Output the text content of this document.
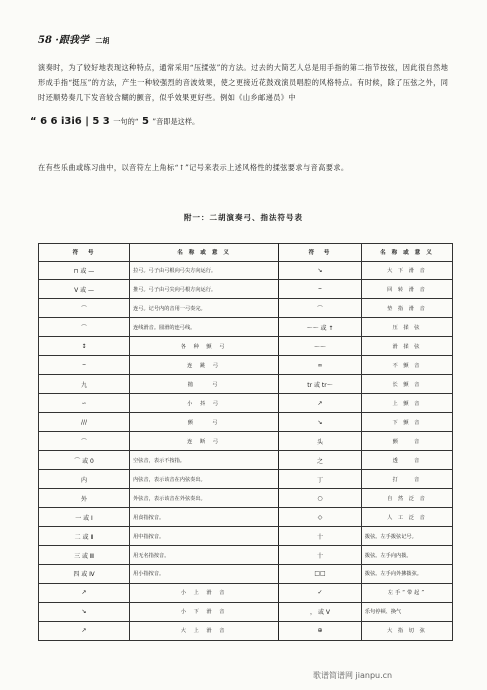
58 ·跟我学 二胡
演奏时，为了较好地表现这种特点，通常采用“压揉弦”的方法。过去的大简艺人总是用手指的第二指节按弦，因此很自然地形成手指“挺压”的方法，产生一种较强烈的音波效果，使之更接近花鼓戏演员唱腔的风格特点。有时候，除了压弦之外，同时还顺势奏几下发音较含糊的颤音，似乎效果更好些。例如《山乡邮递员》中
“ 6 6 i3i6 | 5 3 一句的“ 5 ”音即是这样。
在有些乐曲或练习曲中，以音符左上角标“↑”记号来表示上述风格性的揉弦要求与音高要求。
附一：二胡演奏弓、指法符号表
符　号	名 称 或 意 义	符　号	名 称 或 意 义
⊓ 或 —	拉弓。弓子由弓根向弓尖方向运行。	↘	大 下 滑 音
V 或 —	推弓。弓子由弓尖向弓根方向运行。	⌣	回 转 滑 音
⌒	连弓。记号内的音用一弓奏完。	⌒	垫 指 滑 音
⌒	连线滑音。圆滑的连弓线。	～～ 或 ↑	压 揉 弦
↕	各 种 颤 弓	～～	滑 揉 弦
⌢	连 跳 弓	∞	不 颤 音
九	抛　　弓	tr 或 tr～	长 颤 音
∽	小 抖 弓	↗	上 颤 音
///	颤　　弓	↘	下 颤 音
⌒	连 断 弓	头	颤　　音
⌒ 或 0	空弦音，表示不按指。	之	透　　音
内	内弦音，表示该音在内弦奏出。	丁	打　　音
外	外弦音，表示该音在外弦奏出。	○	自 然 泛 音
一 或 Ⅰ	用食指按音。	◇	人 工 泛 音
二 或 Ⅱ	用中指按音。	十	拨弦。左手拨弦记号。
三 或 Ⅲ	用无名指按音。	十	拨弦。左手向内拨。
四 或 Ⅳ	用小指按音。	□□	拨弦。左手向外拂拨弦。
↗	小 上 滑 音	✓	左手“带起”
↘	小 下 滑 音	， 或 V	乐句停顿、换气
↗	大 上 滑 音	⊕	大 指 切 弦
歌谱简谱网 jianpu.cn
